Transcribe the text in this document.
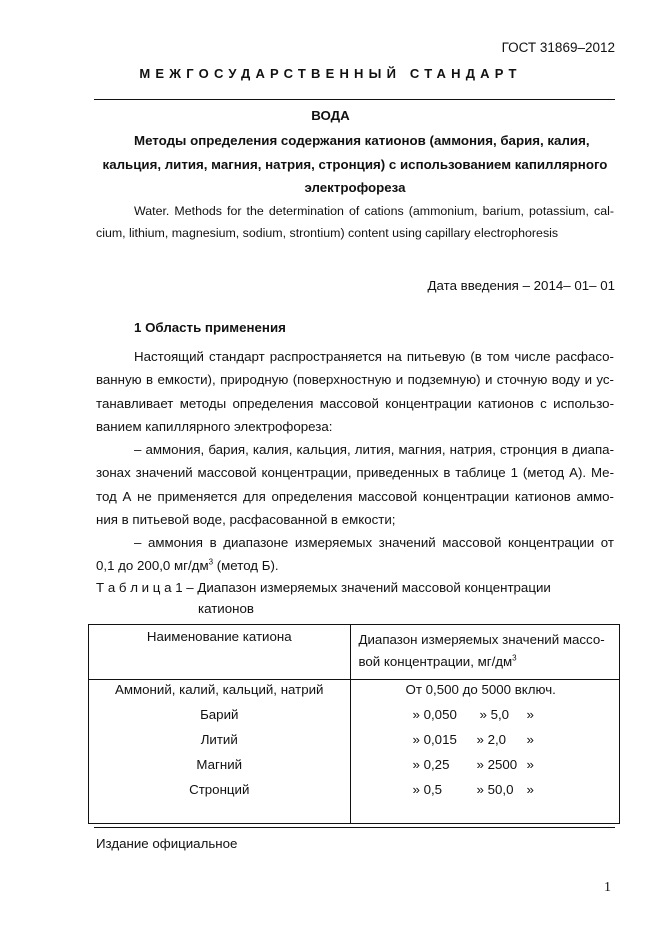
ГОСТ 31869–2012
МЕЖГОСУДАРСТВЕННЫЙ СТАНДАРТ
ВОДА
Методы определения содержания катионов (аммония, бария, калия,
кальция, лития, магния, натрия, стронция) с использованием капиллярного
электрофореза
Water. Methods for the determination of cations (ammonium, barium, potassium, cal-
cium, lithium, magnesium, sodium, strontium) content using capillary electrophoresis
Дата введения – 2014– 01– 01
1 Область применения
Настоящий стандарт распространяется на питьевую (в том числе расфасо-
ванную в емкости), природную (поверхностную и подземную) и сточную воду и ус-
танавливает методы определения массовой концентрации катионов с использо-
ванием капиллярного электрофореза:
– аммония, бария, калия, кальция, лития, магния, натрия, стронция в диапа-
зонах значений массовой концентрации, приведенных в таблице 1 (метод А). Ме-
тод А не применяется для определения массовой концентрации катионов аммо-
ния в питьевой воде, расфасованной в емкости;
– аммония в диапазоне измеряемых значений массовой концентрации от
0,1 до 200,0 $мг/дм^3$ (метод Б).
Т а б л и ц а 1 – Диапазон измеряемых значений массовой концентрации
катионов
Наименование катиона	Диапазон измеряемых значений массо-
вой концентрации, $мг/дм^3$

Аммоний, калий, кальций, натрий	От 0,500 до 5000 включ.

Барий	» 0,050 » 5,0 »

Литий	» 0,015 » 2,0 »

Магний	» 0,25 » 2500 »

Стронций	» 0,5 » 50,0 »

Издание официальное
1
